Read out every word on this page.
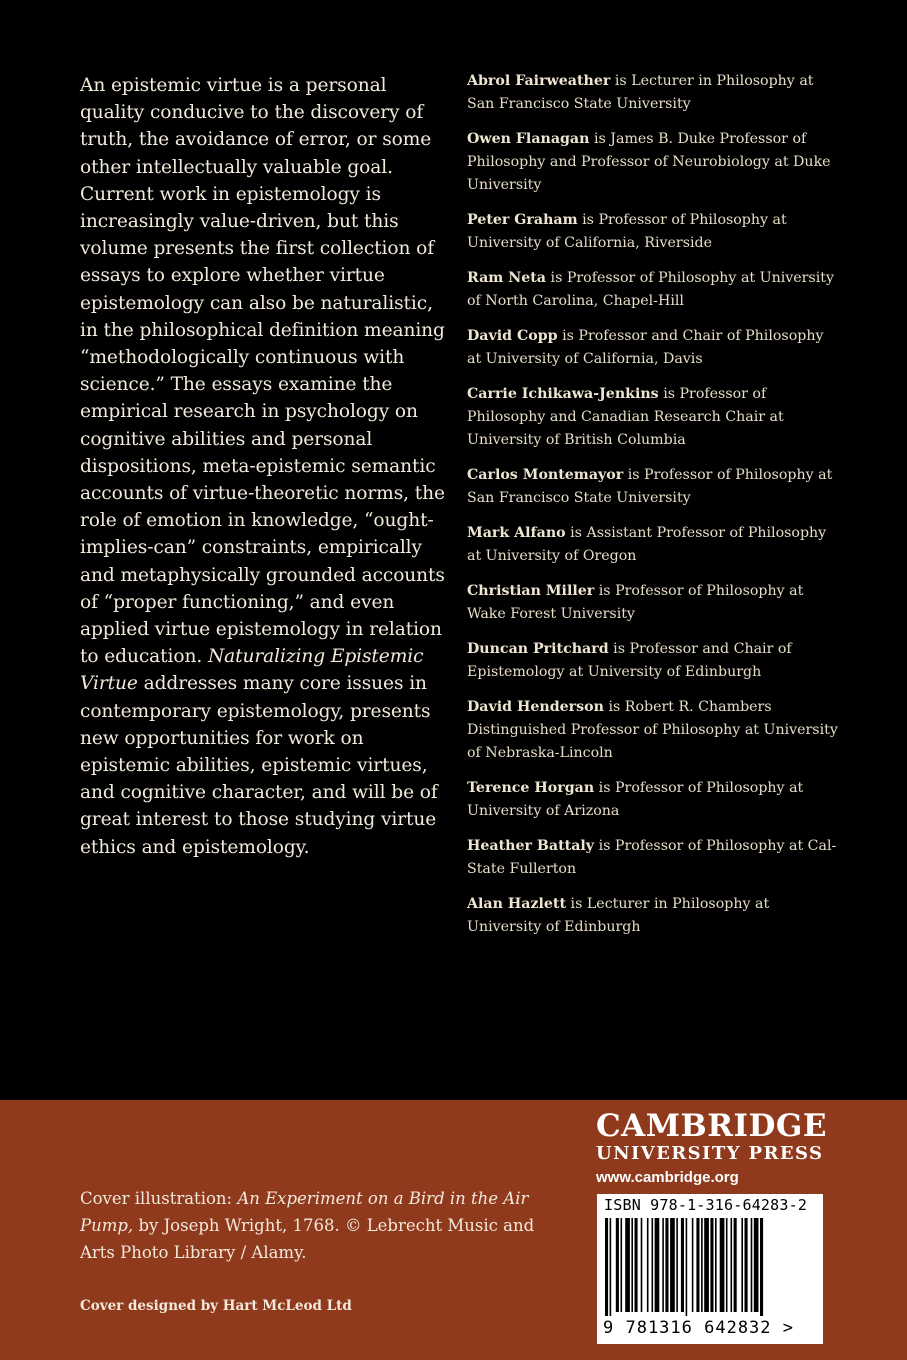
An epistemic virtue is a personal quality conducive to the discovery of truth, the avoidance of error, or some other intellectually valuable goal. Current work in epistemology is increasingly value-driven, but this volume presents the first collection of essays to explore whether virtue epistemology can also be naturalistic, in the philosophical definition meaning “methodologically continuous with science.” The essays examine the empirical research in psychology on cognitive abilities and personal dispositions, meta-epistemic semantic accounts of virtue-theoretic norms, the role of emotion in knowledge, “ought-implies-can” constraints, empirically and metaphysically grounded accounts of “proper functioning,” and even applied virtue epistemology in relation to education. Naturalizing Epistemic Virtue addresses many core issues in contemporary epistemology, presents new opportunities for work on epistemic abilities, epistemic virtues, and cognitive character, and will be of great interest to those studying virtue ethics and epistemology.
Abrol Fairweather is Lecturer in Philosophy at San Francisco State University
Owen Flanagan is James B. Duke Professor of Philosophy and Professor of Neurobiology at Duke University
Peter Graham is Professor of Philosophy at University of California, Riverside
Ram Neta is Professor of Philosophy at University of North Carolina, Chapel-Hill
David Copp is Professor and Chair of Philosophy at University of California, Davis
Carrie Ichikawa-Jenkins is Professor of Philosophy and Canadian Research Chair at University of British Columbia
Carlos Montemayor is Professor of Philosophy at San Francisco State University
Mark Alfano is Assistant Professor of Philosophy at University of Oregon
Christian Miller is Professor of Philosophy at Wake Forest University
Duncan Pritchard is Professor and Chair of Epistemology at University of Edinburgh
David Henderson is Robert R. Chambers Distinguished Professor of Philosophy at University of Nebraska-Lincoln
Terence Horgan is Professor of Philosophy at University of Arizona
Heather Battaly is Professor of Philosophy at Cal-State Fullerton
Alan Hazlett is Lecturer in Philosophy at University of Edinburgh
Cover illustration: An Experiment on a Bird in the Air Pump, by Joseph Wright, 1768. © Lebrecht Music and Arts Photo Library / Alamy.
Cover designed by Hart McLeod Ltd
CAMBRIDGE
UNIVERSITY PRESS
www.cambridge.org
ISBN 978-1-316-64283-2
9 781316 642832 >
